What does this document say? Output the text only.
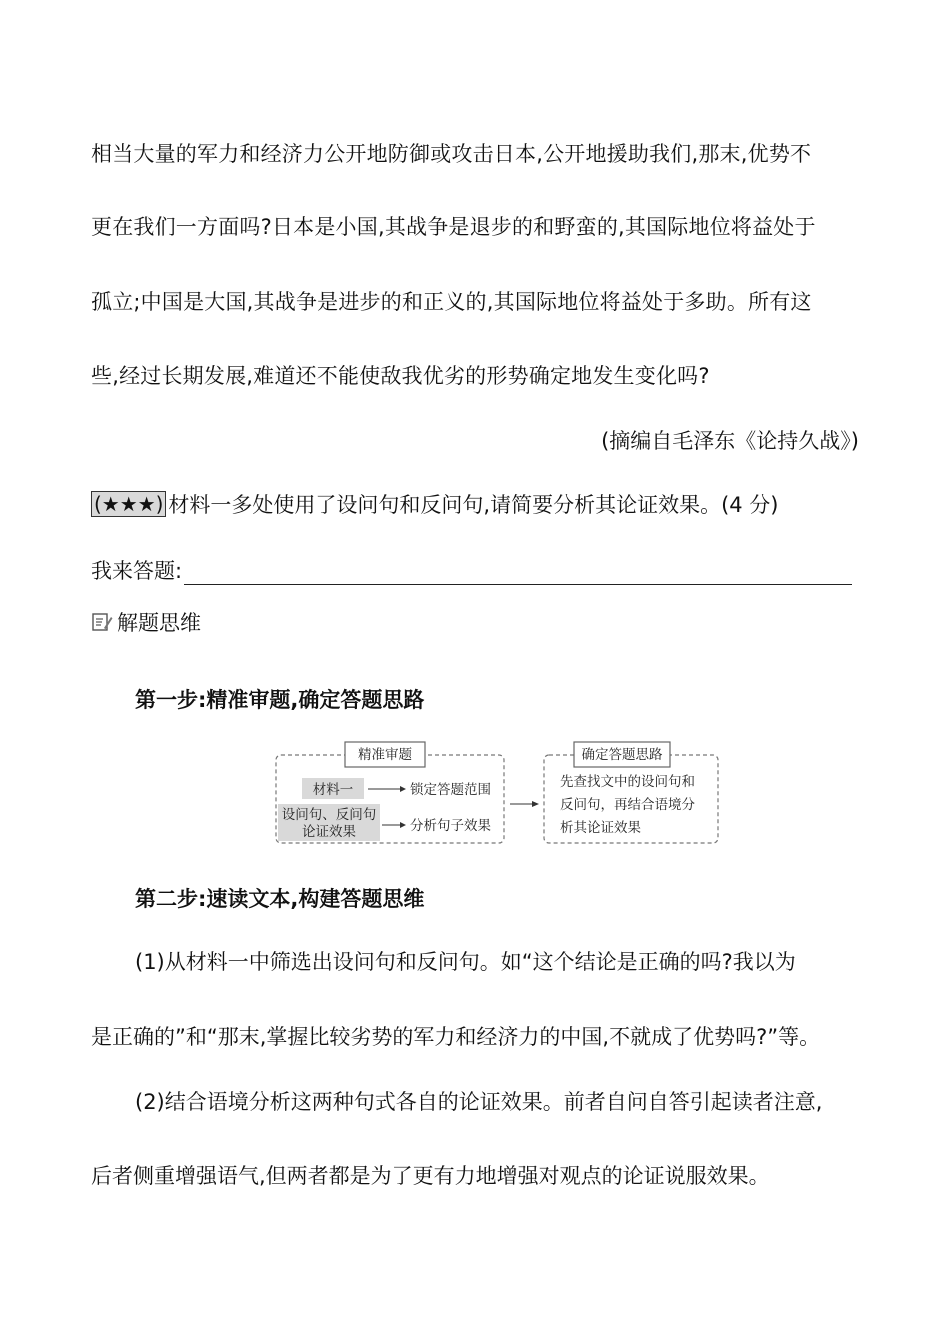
相当大量的军力和经济力公开地防御或攻击日本,公开地援助我们,那末,优势不
更在我们一方面吗?日本是小国,其战争是退步的和野蛮的,其国际地位将益处于
孤立;中国是大国,其战争是进步的和正义的,其国际地位将益处于多助。所有这
些,经过长期发展,难道还不能使敌我优劣的形势确定地发生变化吗?
(摘编自毛泽东《论持久战》)
(★★★) 材料一多处使用了设问句和反问句,请简要分析其论证效果。(4 分)
我来答题:
解题思维
第一步:精准审题,确定答题思路
精准审题
材料一	锁定答题范围
设问句、反问句
论证效果	分析句子效果
确定答题思路
先查找文中的设问句和
反问句，再结合语境分
析其论证效果
第二步:速读文本,构建答题思维
(1)从材料一中筛选出设问句和反问句。如“这个结论是正确的吗?我以为
是正确的”和“那末,掌握比较劣势的军力和经济力的中国,不就成了优势吗?”等。
(2)结合语境分析这两种句式各自的论证效果。前者自问自答引起读者注意,
后者侧重增强语气,但两者都是为了更有力地增强对观点的论证说服效果。
